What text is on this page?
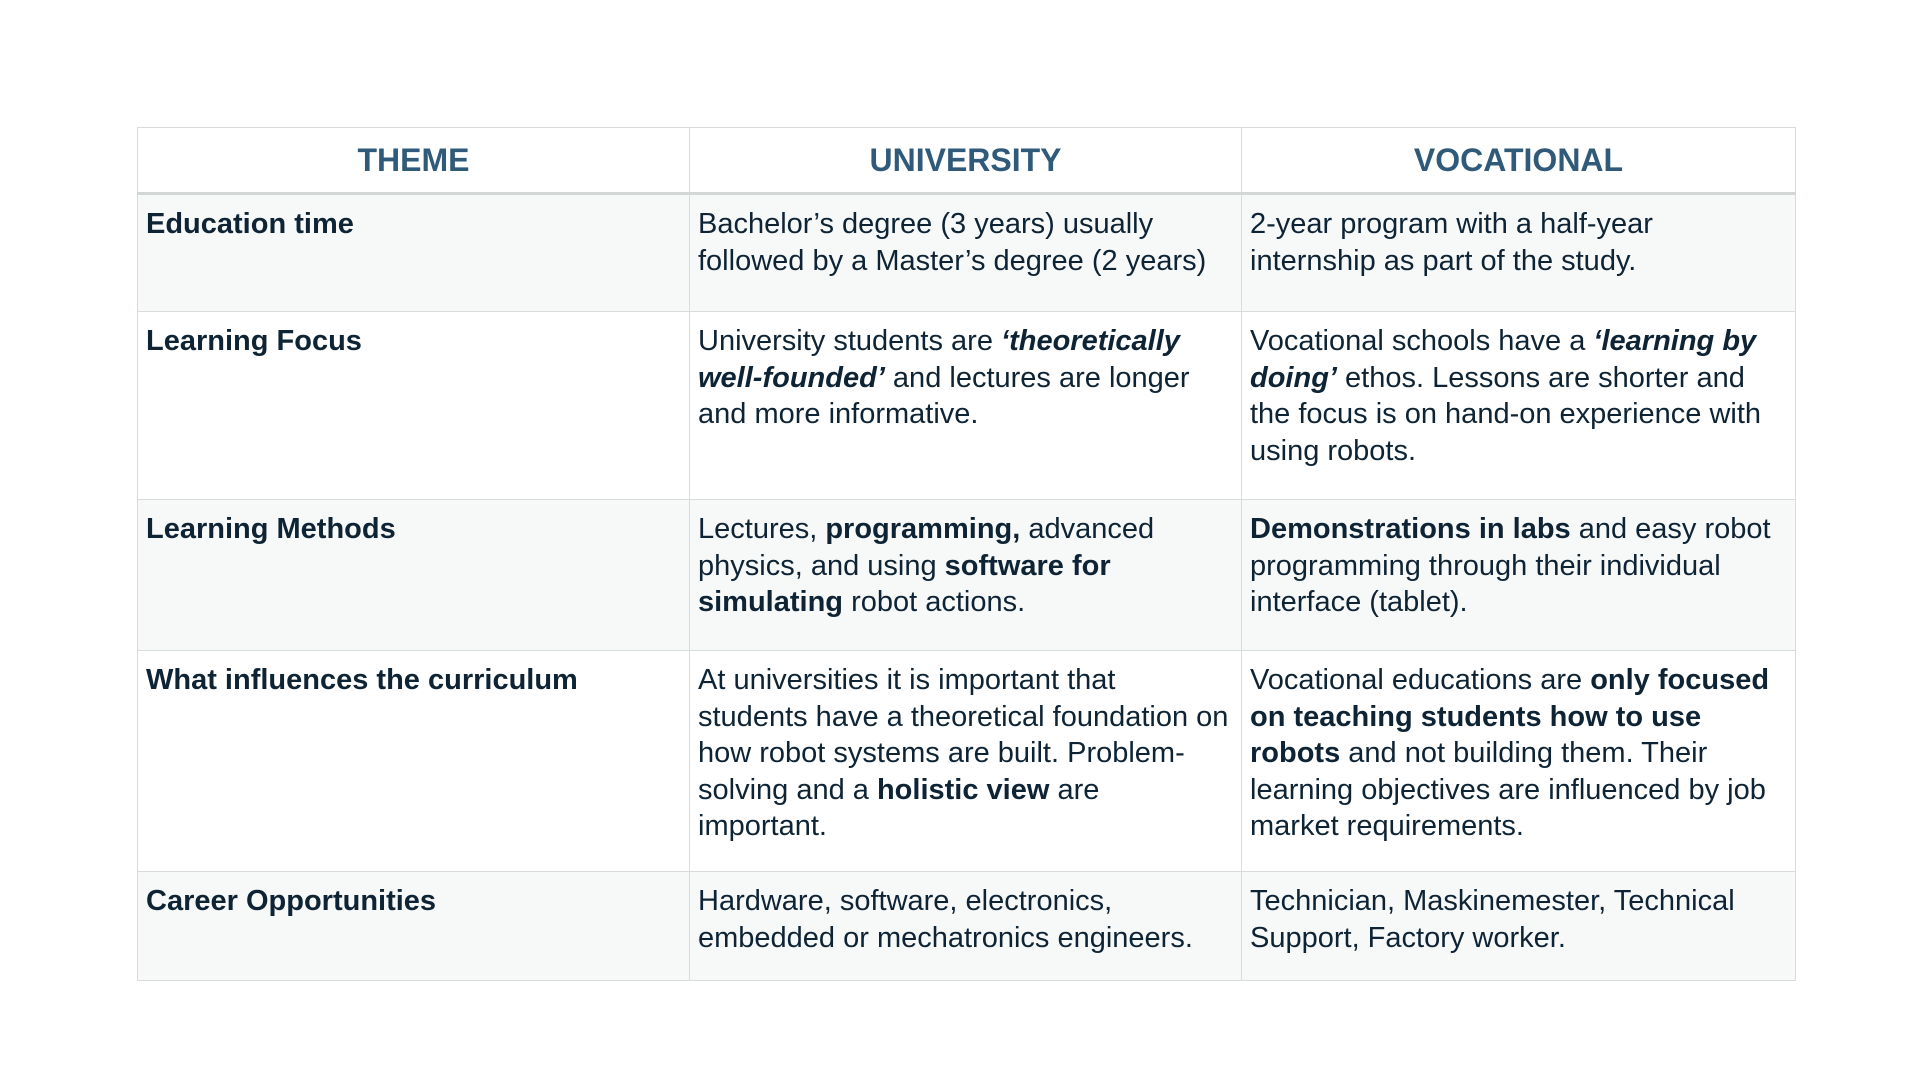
THEME	UNIVERSITY	VOCATIONAL
Education time	Bachelor’s degree (3 years) usually followed by a Master’s degree (2 years)	2-year program with a half-year internship as part of the study.
Learning Focus	University students are ‘theoretically well-founded’ and lectures are longer and more informative.	Vocational schools have a ‘learning by doing’ ethos. Lessons are shorter and the focus is on hand-on experience with using robots.
Learning Methods	Lectures, programming, advanced physics, and using software for simulating robot actions.	Demonstrations in labs and easy robot programming through their individual interface (tablet).
What influences the curriculum	At universities it is important that students have a theoretical foundation on how robot systems are built. Problem-solving and a holistic view are important.	Vocational educations are only focused on teaching students how to use robots and not building them. Their learning objectives are influenced by job market requirements.
Career Opportunities	Hardware, software, electronics, embedded or mechatronics engineers.	Technician, Maskinemester, Technical Support, Factory worker.
